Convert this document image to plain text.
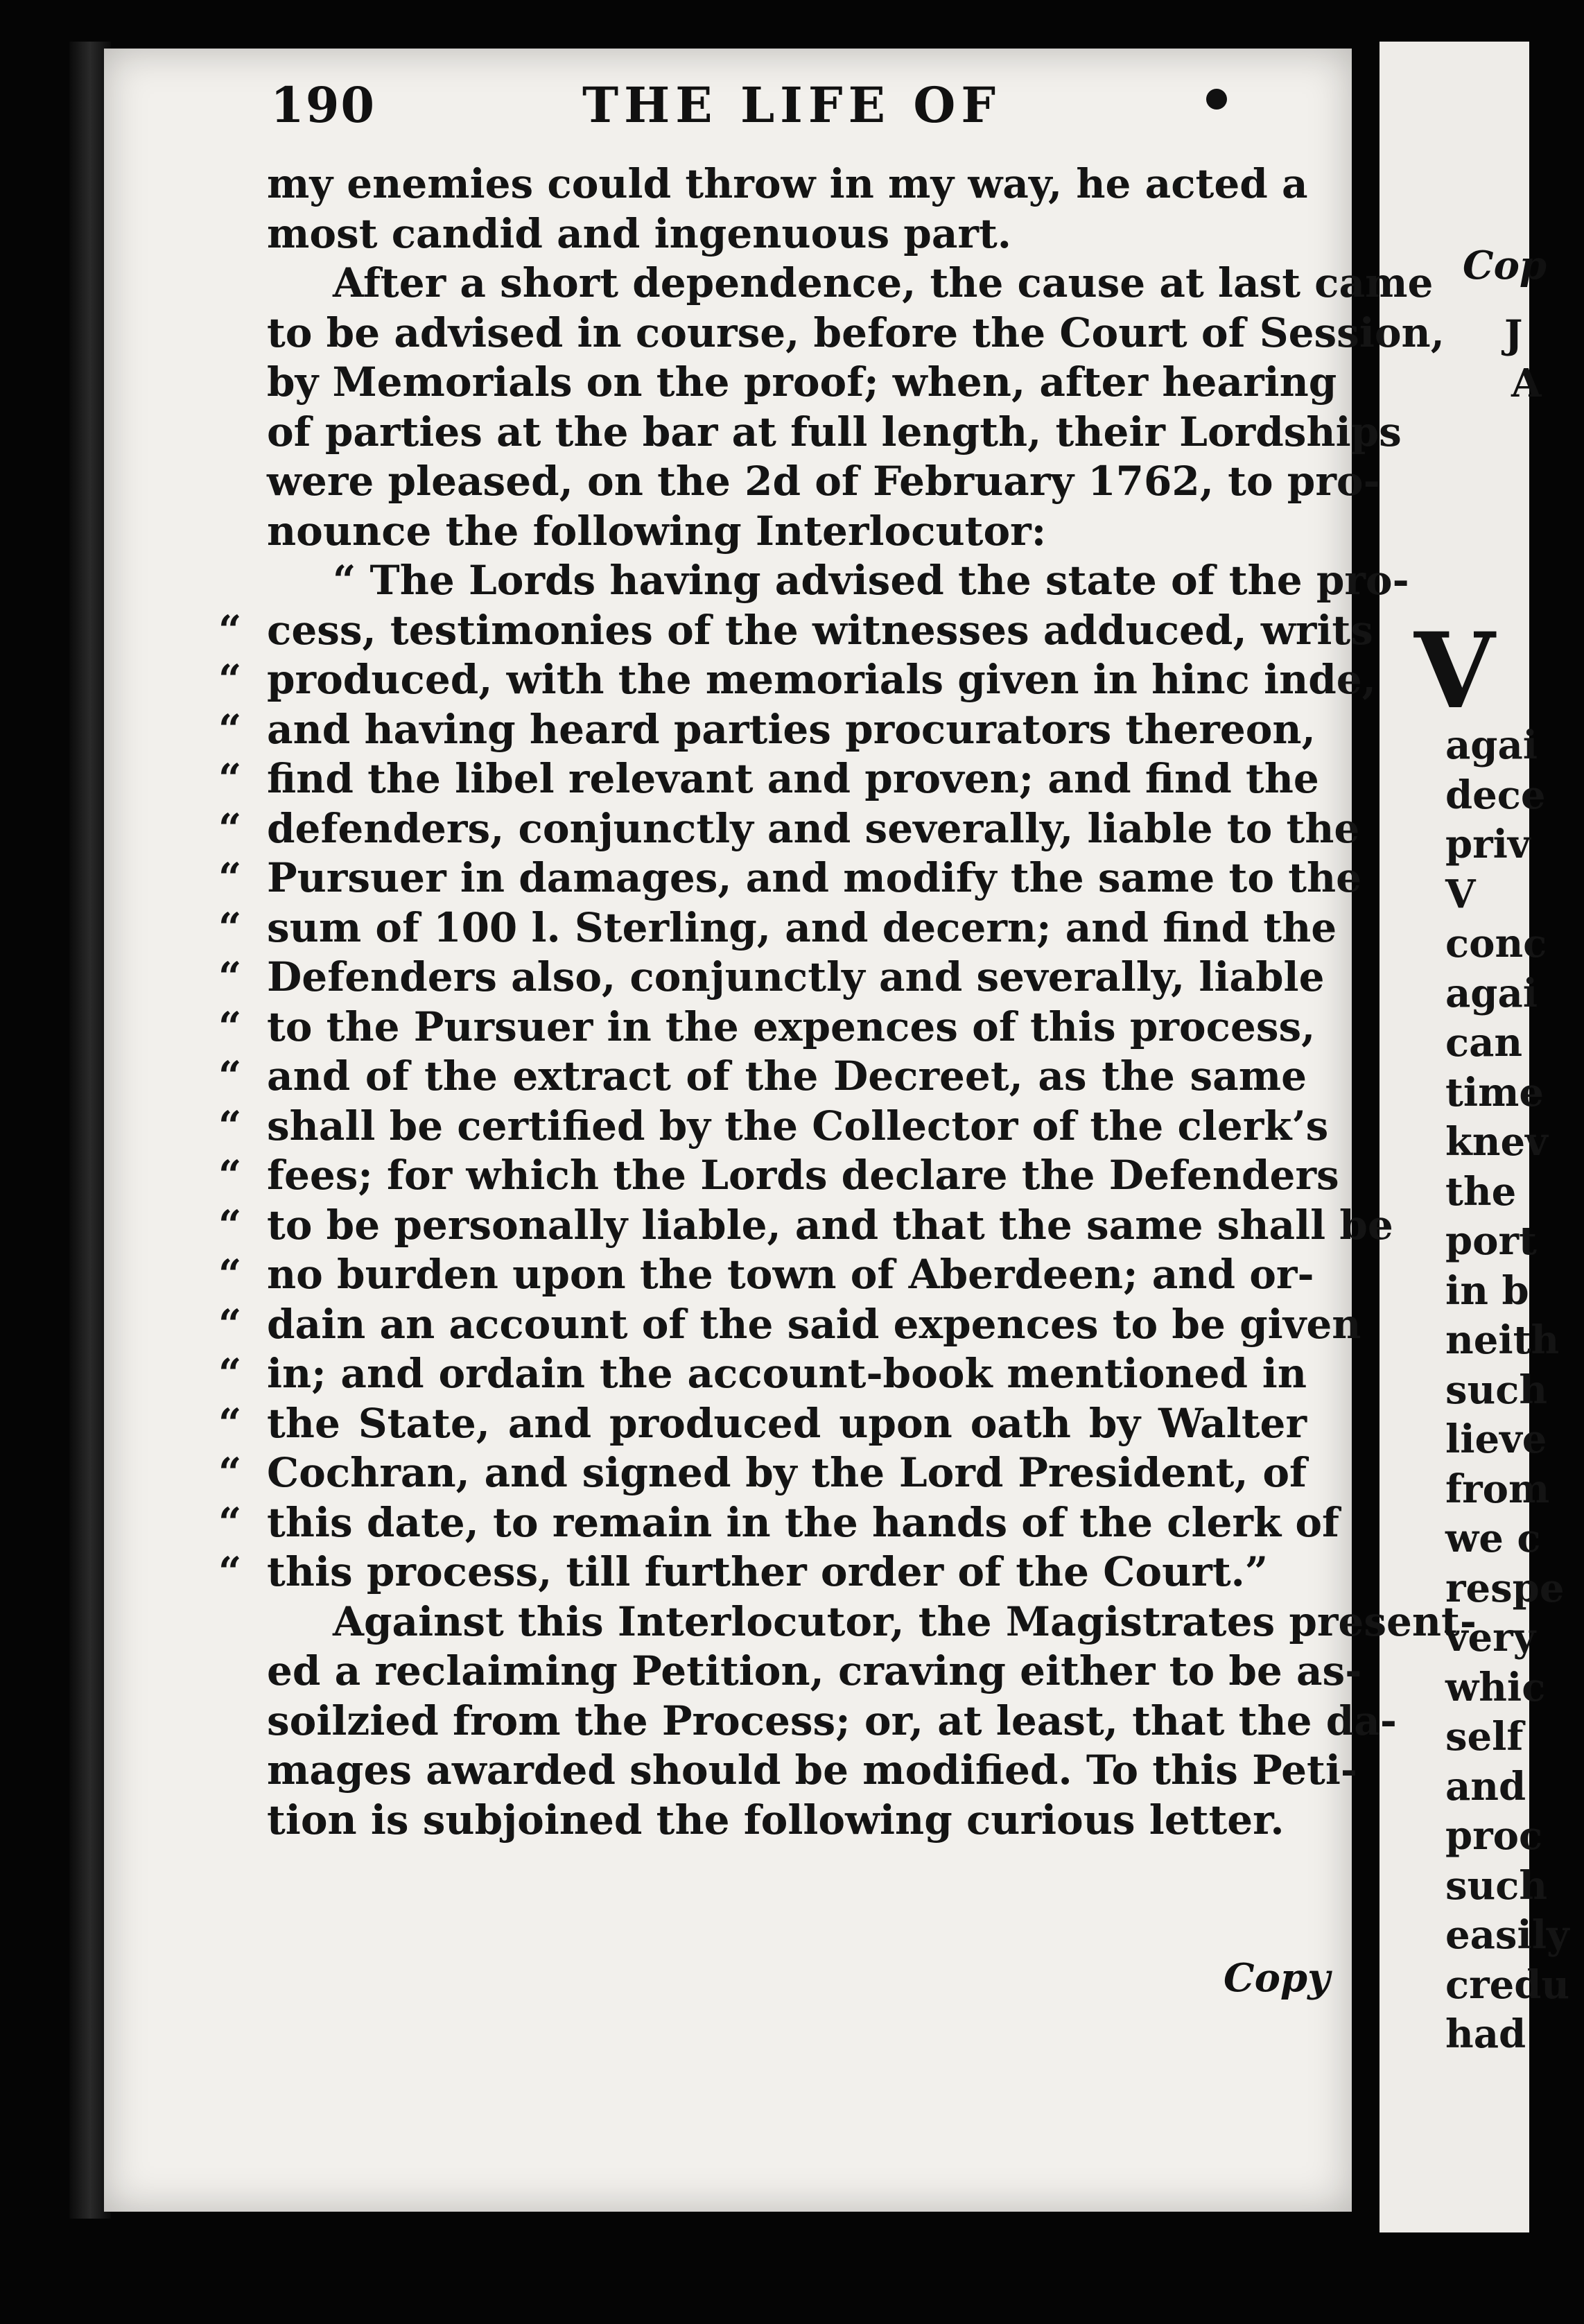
190	THE LIFE OF
my enemies could throw in my way, he acted a
most candid and ingenuous part.
After a short dependence, the cause at last came
to be advised in course, before the Court of Session,
by Memorials on the proof; when, after hearing
of parties at the bar at full length, their Lordships
were pleased, on the 2d of February 1762, to pro-
nounce the following Interlocutor:
“ The Lords having advised the state of the pro-
“ cess, testimonies of the witnesses adduced, writs
“ produced, with the memorials given in hinc inde,
“ and having heard parties procurators thereon,
“ find the libel relevant and proven; and find the
“ defenders, conjunctly and severally, liable to the
“ Pursuer in damages, and modify the same to the
“ sum of 100 l. Sterling, and decern; and find the
“ Defenders also, conjunctly and severally, liable
“ to the Pursuer in the expences of this process,
“ and of the extract of the Decreet, as the same
“ shall be certified by the Collector of the clerk’s
“ fees; for which the Lords declare the Defenders
“ to be personally liable, and that the same shall be
“ no burden upon the town of Aberdeen; and or-
“ dain an account of the said expences to be given
“ in; and ordain the account-book mentioned in
“ the State, and produced upon oath by Walter
“ Cochran, and signed by the Lord President, of
“ this date, to remain in the hands of the clerk of
“ this process, till further order of the Court.”
Against this Interlocutor, the Magistrates present-
ed a reclaiming Petition, craving either to be as-
soilzied from the Process; or, at least, that the da-
mages awarded should be modified. To this Peti-
tion is subjoined the following curious letter.
Copy
Cop
J
A
V
agai
dece
priv
V
conc
agai
can
time
knev
the
port
in b
neith
such
lieve
from
we c
respe
very
whic
self
and
proc
such
easily
credu
had
